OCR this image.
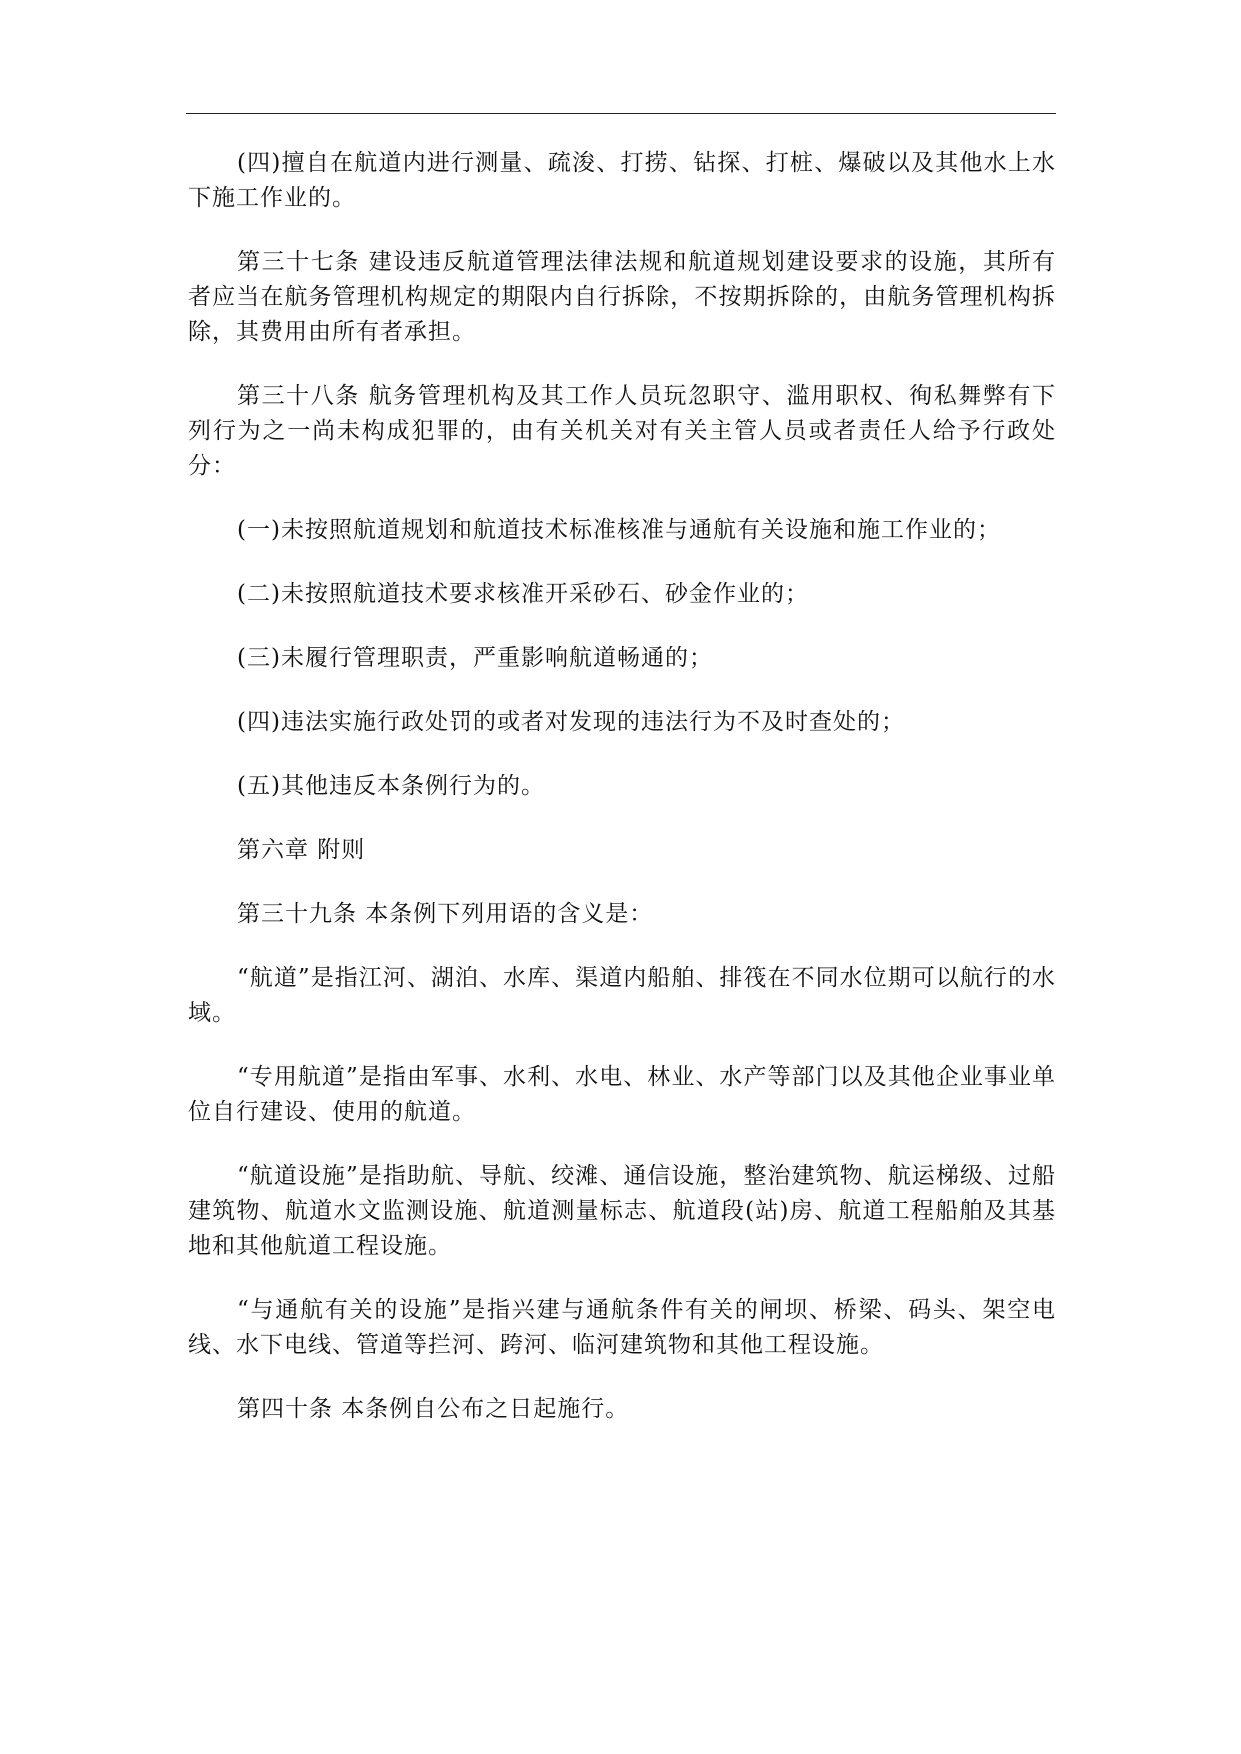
(四)擅自在航道内进行测量、疏浚、打捞、钻探、打桩、爆破以及其他水上水下施工作业的。

第三十七条 建设违反航道管理法律法规和航道规划建设要求的设施，其所有者应当在航务管理机构规定的期限内自行拆除，不按期拆除的，由航务管理机构拆除，其费用由所有者承担。

第三十八条 航务管理机构及其工作人员玩忽职守、滥用职权、徇私舞弊有下列行为之一尚未构成犯罪的，由有关机关对有关主管人员或者责任人给予行政处分：

(一)未按照航道规划和航道技术标准核准与通航有关设施和施工作业的；

(二)未按照航道技术要求核准开采砂石、砂金作业的；

(三)未履行管理职责，严重影响航道畅通的；

(四)违法实施行政处罚的或者对发现的违法行为不及时查处的；

(五)其他违反本条例行为的。

第六章 附则

第三十九条 本条例下列用语的含义是：

“航道”是指江河、湖泊、水库、渠道内船舶、排筏在不同水位期可以航行的水域。

“专用航道”是指由军事、水利、水电、林业、水产等部门以及其他企业事业单位自行建设、使用的航道。

“航道设施”是指助航、导航、绞滩、通信设施，整治建筑物、航运梯级、过船建筑物、航道水文监测设施、航道测量标志、航道段(站)房、航道工程船舶及其基地和其他航道工程设施。

“与通航有关的设施”是指兴建与通航条件有关的闸坝、桥梁、码头、架空电线、水下电线、管道等拦河、跨河、临河建筑物和其他工程设施。

第四十条 本条例自公布之日起施行。
